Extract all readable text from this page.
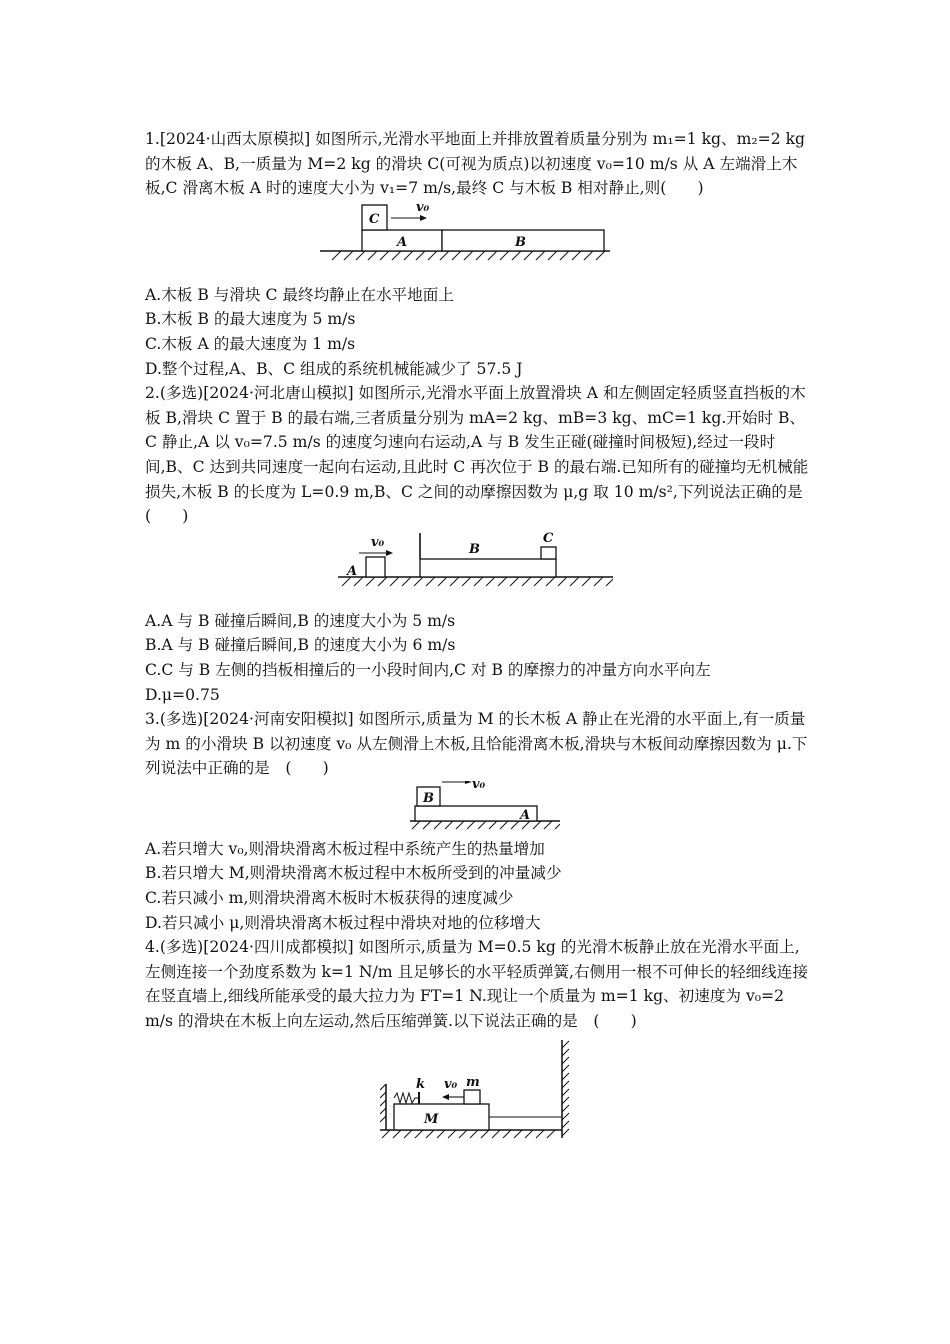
1.[2024·山西太原模拟] 如图所示,光滑水平地面上并排放置着质量分别为 m₁=1 kg、m₂=2 kg 的木板 A、B,一质量为 M=2 kg 的滑块 C(可视为质点)以初速度 v₀=10 m/s 从 A 左端滑上木板,C 滑离木板 A 时的速度大小为 v₁=7 m/s,最终 C 与木板 B 相对静止,则(　　)

C
v₀
A	B

A.木板 B 与滑块 C 最终均静止在水平地面上

B.木板 B 的最大速度为 5 m/s

C.木板 A 的最大速度为 1 m/s

D.整个过程,A、B、C 组成的系统机械能减少了 57.5 J

2.(多选)[2024·河北唐山模拟] 如图所示,光滑水平面上放置滑块 A 和左侧固定轻质竖直挡板的木板 B,滑块 C 置于 B 的最右端,三者质量分别为 mA=2 kg、mB=3 kg、mC=1 kg.开始时 B、C 静止,A 以 v₀=7.5 m/s 的速度匀速向右运动,A 与 B 发生正碰(碰撞时间极短),经过一段时间,B、C 达到共同速度一起向右运动,且此时 C 再次位于 B 的最右端.已知所有的碰撞均无机械能损失,木板 B 的长度为 L=0.9 m,B、C 之间的动摩擦因数为 μ,g 取 10 m/s²,下列说法正确的是　(　　)

v₀
A
B
C

A.A 与 B 碰撞后瞬间,B 的速度大小为 5 m/s

B.A 与 B 碰撞后瞬间,B 的速度大小为 6 m/s

C.C 与 B 左侧的挡板相撞后的一小段时间内,C 对 B 的摩擦力的冲量方向水平向左

D.μ=0.75

3.(多选)[2024·河南安阳模拟] 如图所示,质量为 M 的长木板 A 静止在光滑的水平面上,有一质量为 m 的小滑块 B 以初速度 v₀ 从左侧滑上木板,且恰能滑离木板,滑块与木板间动摩擦因数为 μ.下列说法中正确的是　(　　)

B
v₀
A

A.若只增大 v₀,则滑块滑离木板过程中系统产生的热量增加

B.若只增大 M,则滑块滑离木板过程中木板所受到的冲量减少

C.若只减小 m,则滑块滑离木板时木板获得的速度减少

D.若只减小 μ,则滑块滑离木板过程中滑块对地的位移增大

4.(多选)[2024·四川成都模拟] 如图所示,质量为 M=0.5 kg 的光滑木板静止放在光滑水平面上,左侧连接一个劲度系数为 k=1 N/m 且足够长的水平轻质弹簧,右侧用一根不可伸长的轻细线连接在竖直墙上,细线所能承受的最大拉力为 FT=1 N.现让一个质量为 m=1 kg、初速度为 v₀=2 m/s 的滑块在木板上向左运动,然后压缩弹簧.以下说法正确的是　(　　)

k v₀ m
M
